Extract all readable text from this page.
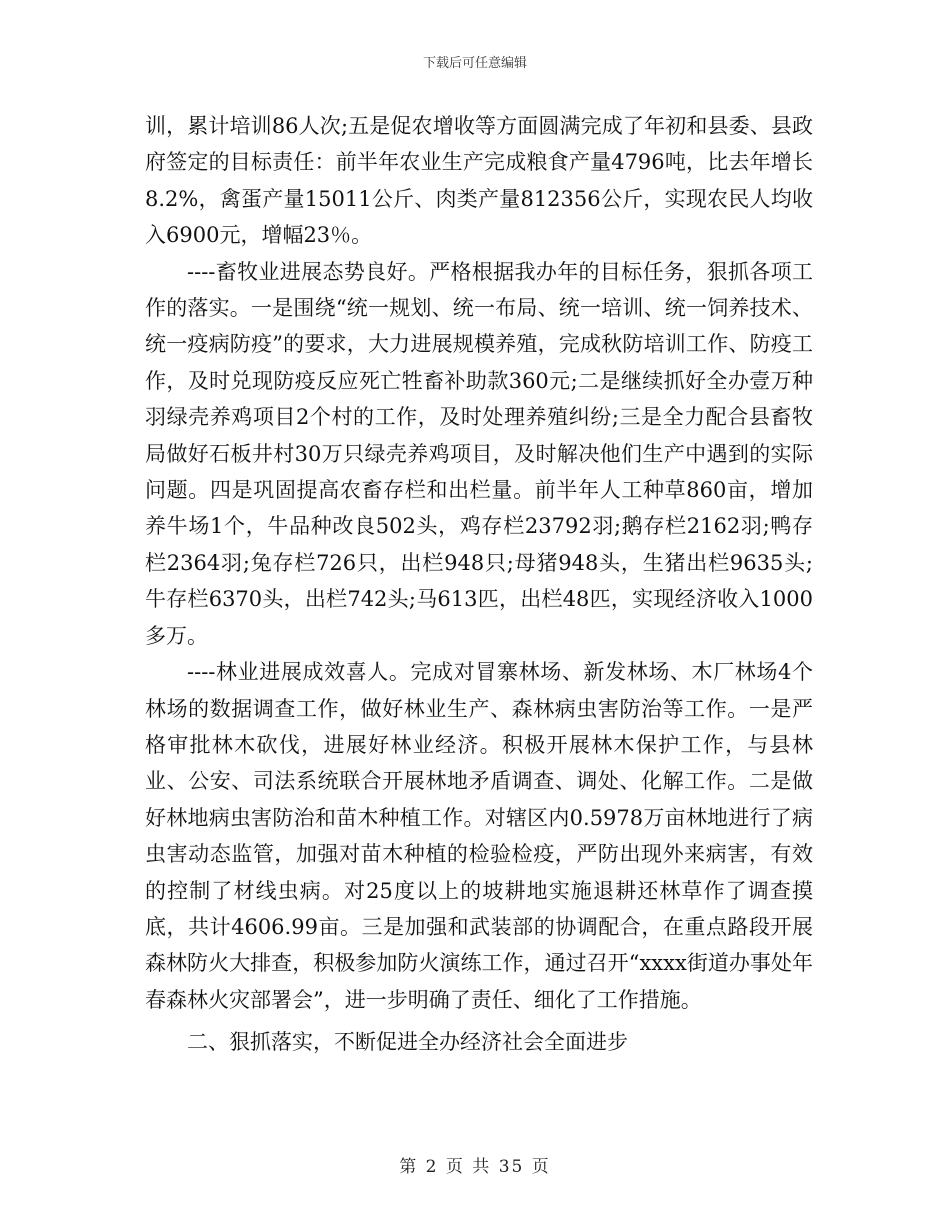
下载后可任意编辑

训，累计培训86人次;五是促农增收等方面圆满完成了年初和县委、县政府签定的目标责任：前半年农业生产完成粮食产量4796吨，比去年增长8.2%，禽蛋产量15011公斤、肉类产量812356公斤，实现农民人均收入6900元，增幅23％。

----畜牧业进展态势良好。严格根据我办年的目标任务，狠抓各项工作的落实。一是围绕“统一规划、统一布局、统一培训、统一饲养技术、统一疫病防疫”的要求，大力进展规模养殖，完成秋防培训工作、防疫工作，及时兑现防疫反应死亡牲畜补助款360元;二是继续抓好全办壹万种羽绿壳养鸡项目2个村的工作，及时处理养殖纠纷;三是全力配合县畜牧局做好石板井村30万只绿壳养鸡项目，及时解决他们生产中遇到的实际问题。四是巩固提高农畜存栏和出栏量。前半年人工种草860亩，增加养牛场1个，牛品种改良502头，鸡存栏23792羽;鹅存栏2162羽;鸭存栏2364羽;兔存栏726只，出栏948只;母猪948头，生猪出栏9635头;牛存栏6370头，出栏742头;马613匹，出栏48匹，实现经济收入1000多万。

----林业进展成效喜人。完成对冒寨林场、新发林场、木厂林场4个林场的数据调查工作，做好林业生产、森林病虫害防治等工作。一是严格审批林木砍伐，进展好林业经济。积极开展林木保护工作，与县林业、公安、司法系统联合开展林地矛盾调查、调处、化解工作。二是做好林地病虫害防治和苗木种植工作。对辖区内0.5978万亩林地进行了病虫害动态监管，加强对苗木种植的检验检疫，严防出现外来病害，有效的控制了材线虫病。对25度以上的坡耕地实施退耕还林草作了调查摸底，共计4606.99亩。三是加强和武装部的协调配合，在重点路段开展森林防火大排查，积极参加防火演练工作，通过召开“xxxx街道办事处年春森林火灾部署会”，进一步明确了责任、细化了工作措施。

二、狠抓落实，不断促进全办经济社会全面进步

第 2 页 共 35 页
